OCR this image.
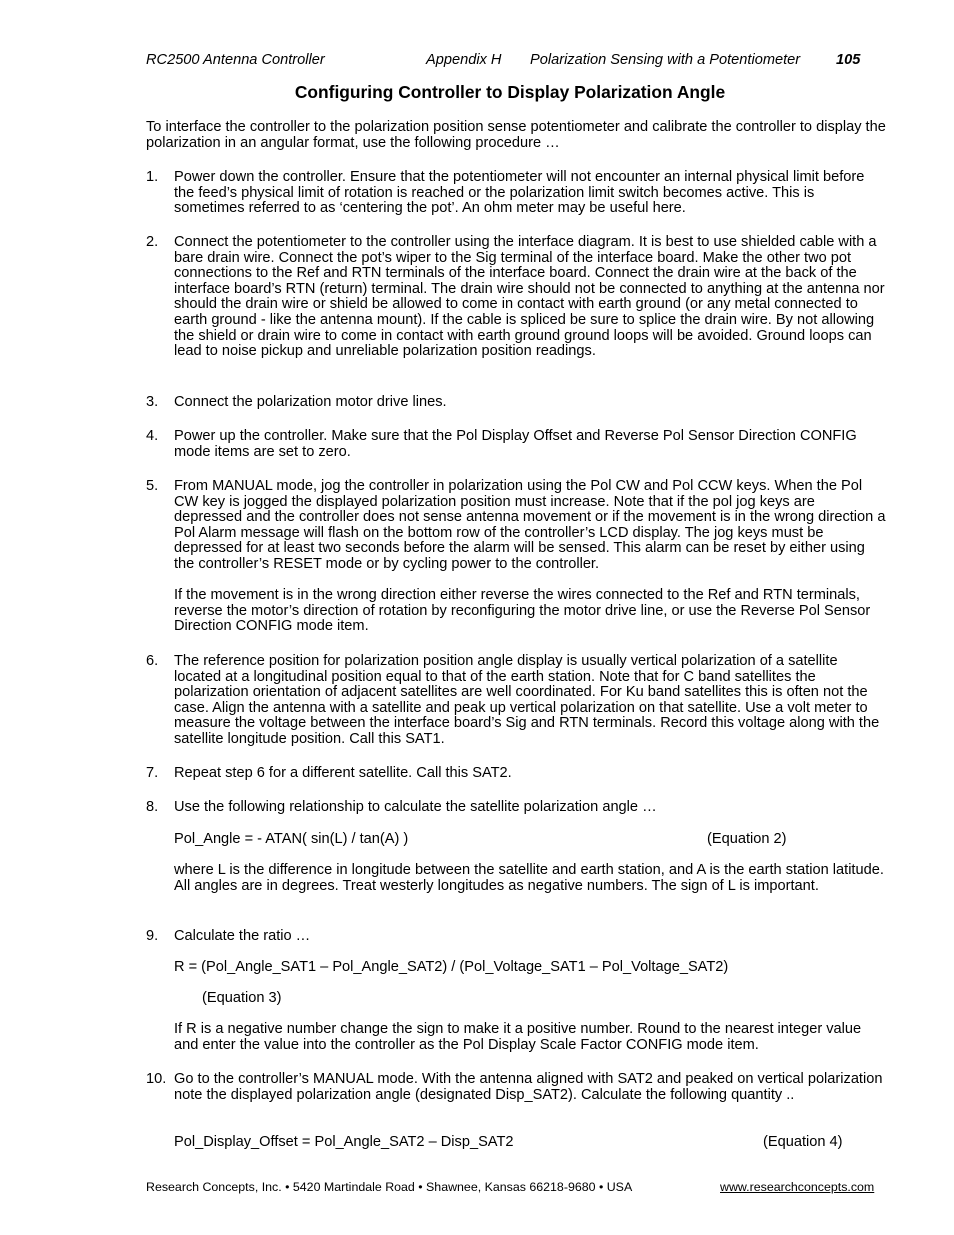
RC2500 Antenna Controller	Appendix H Polarization Sensing with a Potentiometer 105
Configuring Controller to Display Polarization Angle
To interface the controller to the polarization position sense potentiometer and calibrate the controller to display the polarization in an angular format, use the following procedure …
1. Power down the controller. Ensure that the potentiometer will not encounter an internal physical limit before the feed’s physical limit of rotation is reached or the polarization limit switch becomes active. This is sometimes referred to as ‘centering the pot’. An ohm meter may be useful here.
2. Connect the potentiometer to the controller using the interface diagram. It is best to use shielded cable with a bare drain wire. Connect the pot’s wiper to the Sig terminal of the interface board. Make the other two pot connections to the Ref and RTN terminals of the interface board. Connect the drain wire at the back of the interface board’s RTN (return) terminal. The drain wire should not be connected to anything at the antenna nor should the drain wire or shield be allowed to come in contact with earth ground (or any metal connected to earth ground - like the antenna mount). If the cable is spliced be sure to splice the drain wire. By not allowing the shield or drain wire to come in contact with earth ground ground loops will be avoided. Ground loops can lead to noise pickup and unreliable polarization position readings.
3. Connect the polarization motor drive lines.
4. Power up the controller. Make sure that the Pol Display Offset and Reverse Pol Sensor Direction CONFIG mode items are set to zero.
5. From MANUAL mode, jog the controller in polarization using the Pol CW and Pol CCW keys. When the Pol CW key is jogged the displayed polarization position must increase. Note that if the pol jog keys are depressed and the controller does not sense antenna movement or if the movement is in the wrong direction a Pol Alarm message will flash on the bottom row of the controller’s LCD display. The jog keys must be depressed for at least two seconds before the alarm will be sensed. This alarm can be reset by either using the controller’s RESET mode or by cycling power to the controller.
If the movement is in the wrong direction either reverse the wires connected to the Ref and RTN terminals, reverse the motor’s direction of rotation by reconfiguring the motor drive line, or use the Reverse Pol Sensor Direction CONFIG mode item.
6. The reference position for polarization position angle display is usually vertical polarization of a satellite located at a longitudinal position equal to that of the earth station. Note that for C band satellites the polarization orientation of adjacent satellites are well coordinated. For Ku band satellites this is often not the case. Align the antenna with a satellite and peak up vertical polarization on that satellite. Use a volt meter to measure the voltage between the interface board’s Sig and RTN terminals. Record this voltage along with the satellite longitude position. Call this SAT1.
7. Repeat step 6 for a different satellite. Call this SAT2.
8. Use the following relationship to calculate the satellite polarization angle …
Pol_Angle = - ATAN( sin(L) / tan(A) )	(Equation 2)
where L is the difference in longitude between the satellite and earth station, and A is the earth station latitude. All angles are in degrees. Treat westerly longitudes as negative numbers. The sign of L is important.
9. Calculate the ratio …
R = (Pol_Angle_SAT1 – Pol_Angle_SAT2) / (Pol_Voltage_SAT1 – Pol_Voltage_SAT2)
(Equation 3)
If R is a negative number change the sign to make it a positive number. Round to the nearest integer value and enter the value into the controller as the Pol Display Scale Factor CONFIG mode item.
10. Go to the controller’s MANUAL mode. With the antenna aligned with SAT2 and peaked on vertical polarization note the displayed polarization angle (designated Disp_SAT2). Calculate the following quantity ..
Pol_Display_Offset = Pol_Angle_SAT2 – Disp_SAT2	(Equation 4)
Research Concepts, Inc. • 5420 Martindale Road • Shawnee, Kansas 66218-9680 • USA	www.researchconcepts.com
